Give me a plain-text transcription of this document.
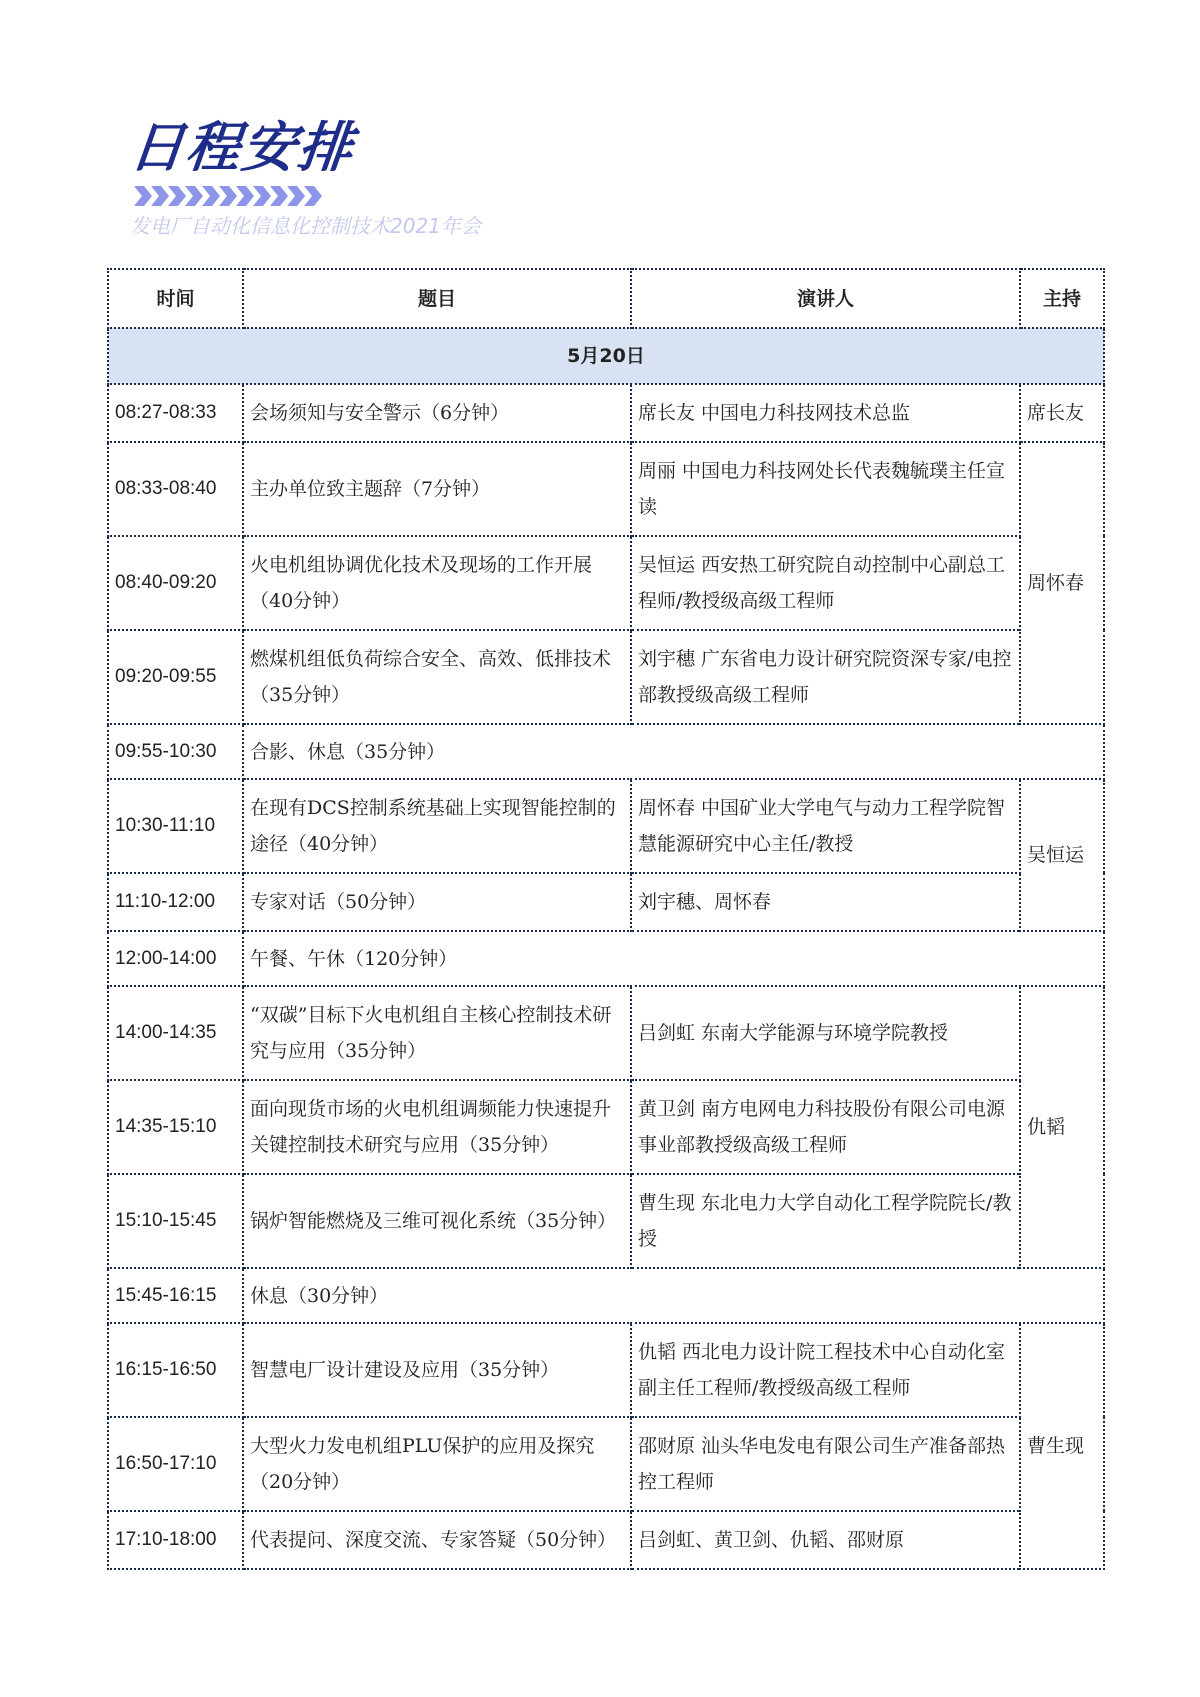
日程安排
发电厂自动化信息化控制技术2021年会
时间	题目	演讲人	主持
5月20日			
08:27-08:33	会场须知与安全警示（6分钟）	席长友 中国电力科技网技术总监	席长友
08:33-08:40	主办单位致主题辞（7分钟）	周丽 中国电力科技网处长代表魏毓璞主任宣读	周怀春
08:40-09:20	火电机组协调优化技术及现场的工作开展（40分钟）	吴恒运 西安热工研究院自动控制中心副总工程师/教授级高级工程师	
09:20-09:55	燃煤机组低负荷综合安全、高效、低排技术（35分钟）	刘宇穗 广东省电力设计研究院资深专家/电控部教授级高级工程师	
09:55-10:30	合影、休息（35分钟）		
10:30-11:10	在现有DCS控制系统基础上实现智能控制的途径（40分钟）	周怀春 中国矿业大学电气与动力工程学院智慧能源研究中心主任/教授	吴恒运
11:10-12:00	专家对话（50分钟）	刘宇穗、周怀春	
12:00-14:00	午餐、午休（120分钟）		
14:00-14:35	“双碳”目标下火电机组自主核心控制技术研究与应用（35分钟）	吕剑虹 东南大学能源与环境学院教授	仇韬
14:35-15:10	面向现货市场的火电机组调频能力快速提升关键控制技术研究与应用（35分钟）	黄卫剑 南方电网电力科技股份有限公司电源事业部教授级高级工程师	
15:10-15:45	锅炉智能燃烧及三维可视化系统（35分钟）	曹生现 东北电力大学自动化工程学院院长/教授	
15:45-16:15	休息（30分钟）		
16:15-16:50	智慧电厂设计建设及应用（35分钟）	仇韬 西北电力设计院工程技术中心自动化室副主任工程师/教授级高级工程师	曹生现
16:50-17:10	大型火力发电机组PLU保护的应用及探究（20分钟）	邵财原 汕头华电发电有限公司生产准备部热控工程师	
17:10-18:00	代表提问、深度交流、专家答疑（50分钟）	吕剑虹、黄卫剑、仇韬、邵财原	
